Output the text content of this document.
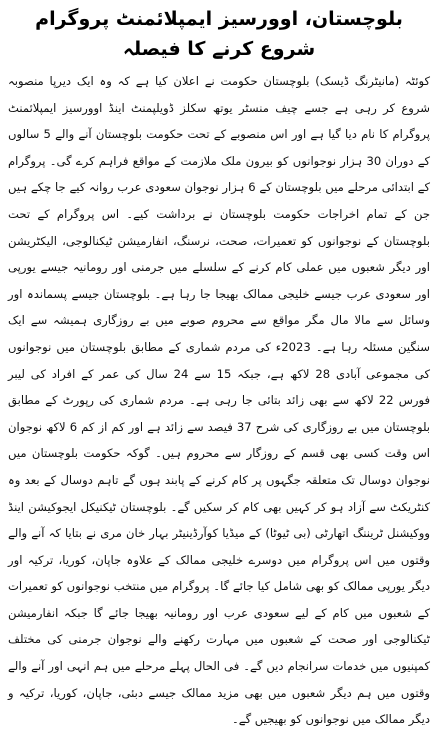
بلوچستان، اوورسیز ایمپلائمنٹ پروگرام شروع کرنے کا فیصلہ

کوئٹہ (مانیٹرنگ ڈیسک) بلوچستان حکومت نے اعلان کیا ہے کہ وہ ایک دیرپا منصوبہ شروع کر رہی ہے جسے چیف منسٹر یوتھ سکلز ڈویلپمنٹ اینڈ اوورسیز ایمپلائمنٹ پروگرام کا نام دیا گیا ہے اور اس منصوبے کے تحت حکومت بلوچستان آنے والے 5 سالوں کے دوران 30 ہزار نوجوانوں کو بیرون ملک ملازمت کے مواقع فراہم کرے گی۔ پروگرام کے ابتدائی مرحلے میں بلوچستان کے 6 ہزار نوجوان سعودی عرب روانہ کیے جا چکے ہیں جن کے تمام اخراجات حکومت بلوچستان نے برداشت کیے۔ اس پروگرام کے تحت بلوچستان کے نوجوانوں کو تعمیرات، صحت، نرسنگ، انفارمیشن ٹیکنالوجی، الیکٹریشن اور دیگر شعبوں میں عملی کام کرنے کے سلسلے میں جرمنی اور رومانیہ جیسے یورپی اور سعودی عرب جیسے خلیجی ممالک بھیجا جا رہا ہے۔ بلوچستان جیسے پسماندہ اور وسائل سے مالا مال مگر مواقع سے محروم صوبے میں بے روزگاری ہمیشہ سے ایک سنگین مسئلہ رہا ہے۔ 2023ء کی مردم شماری کے مطابق بلوچستان میں نوجوانوں کی مجموعی آبادی 28 لاکھ ہے، جبکہ 15 سے 24 سال کی عمر کے افراد کی لیبر فورس 22 لاکھ سے بھی زائد بتائی جا رہی ہے۔ مردم شماری کی رپورٹ کے مطابق بلوچستان میں بے روزگاری کی شرح 37 فیصد سے زائد ہے اور کم از کم 6 لاکھ نوجوان اس وقت کسی بھی قسم کے روزگار سے محروم ہیں۔ گوکہ حکومت بلوچستان میں نوجوان دوسال تک متعلقہ جگہوں پر کام کرنے کے پابند ہوں گے تاہم دوسال کے بعد وہ کنٹریکٹ سے آزاد ہو کر کہیں بھی کام کر سکیں گے۔ بلوچستان ٹیکنیکل ایجوکیشن اینڈ ووکیشنل ٹریننگ اتھارٹی (بی ٹیوٹا) کے میڈیا کوآرڈینیٹر بہار خان مری نے بتایا کہ آنے والے وقتوں میں اس پروگرام میں دوسرے خلیجی ممالک کے علاوہ جاپان، کوریا، ترکیہ اور دیگر یورپی ممالک کو بھی شامل کیا جائے گا۔ پروگرام میں منتخب نوجوانوں کو تعمیرات کے شعبوں میں کام کے لیے سعودی عرب اور رومانیہ بھیجا جائے گا جبکہ انفارمیشن ٹیکنالوجی اور صحت کے شعبوں میں مہارت رکھنے والے نوجوان جرمنی کی مختلف کمپنیوں میں خدمات سرانجام دیں گے۔ فی الحال پہلے مرحلے میں ہم انہی اور آنے والے وقتوں میں ہم دیگر شعبوں میں بھی مزید ممالک جیسے دبئی، جاپان، کوریا، ترکیہ و دیگر ممالک میں نوجوانوں کو بھیجیں گے۔
